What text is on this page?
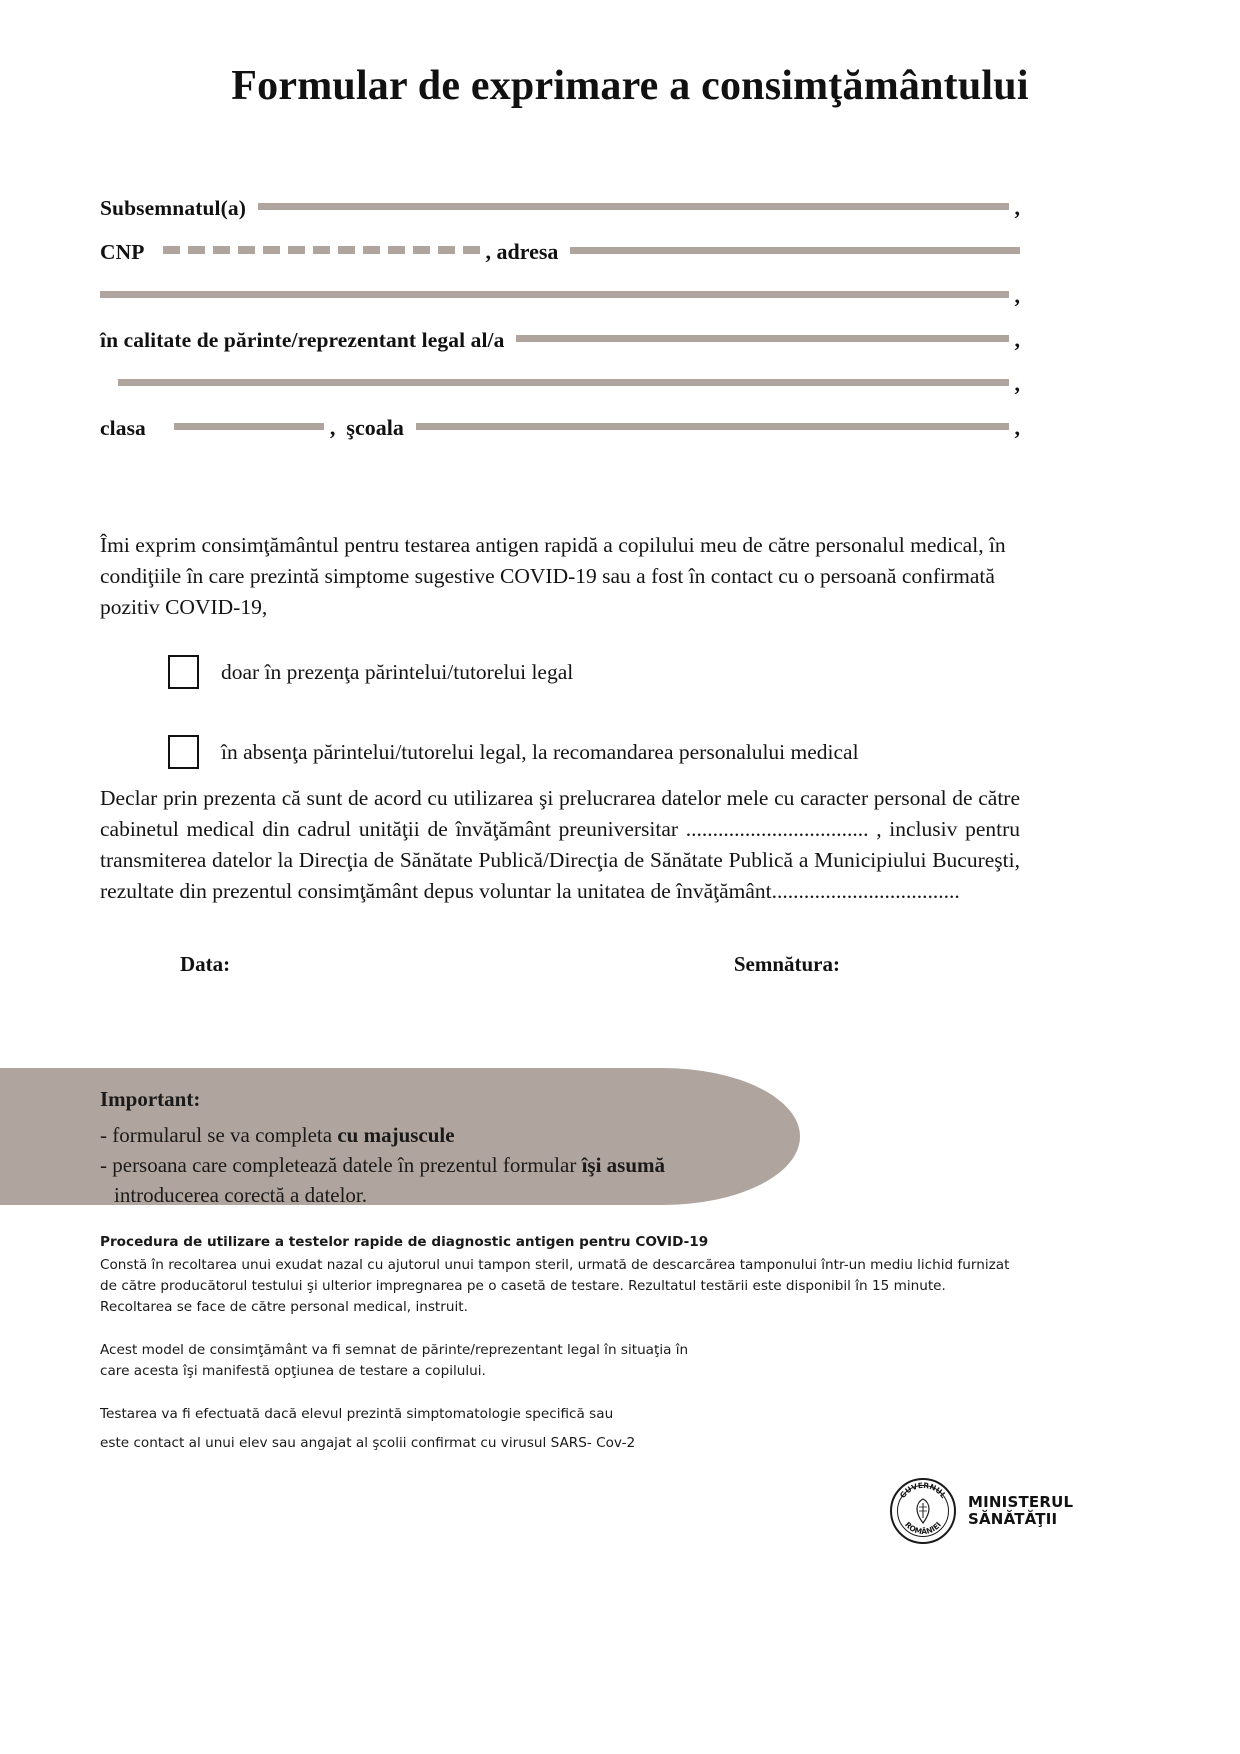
Formular de exprimare a consimţământului
Subsemnatul(a)	,
CNP	, adresa
,
în calitate de părinte/reprezentant legal al/a	,
,
clasa	,  şcoala	,
Îmi exprim consimţământul pentru testarea antigen rapidă a copilului meu de către personalul medical, în condiţiile în care prezintă simptome sugestive COVID-19 sau a fost în contact cu o persoană confirmată pozitiv COVID-19,
doar în prezenţa părintelui/tutorelui legal
în absenţa părintelui/tutorelui legal, la recomandarea personalului medical
Declar prin prezenta că sunt de acord cu utilizarea şi prelucrarea datelor mele cu caracter personal de către cabinetul medical din cadrul unităţii de învăţământ preuniversitar .................................. , inclusiv pentru transmiterea datelor la Direcţia de Sănătate Publică/Direcţia de Sănătate Publică a Municipiului Bucureşti, rezultate din prezentul consimţământ depus voluntar la unitatea de învăţământ...................................
Data:	Semnătura:
Important:
- formularul se va completa cu majuscule
- persoana care completează datele în prezentul formular îşi asumă
introducerea corectă a datelor.
Procedura de utilizare a testelor rapide de diagnostic antigen pentru COVID-19

Constă în recoltarea unui exudat nazal cu ajutorul unui tampon steril, urmată de descarcărea tamponului într-un mediu lichid furnizat

de către producătorul testului şi ulterior impregnarea pe o casetă de testare. Rezultatul testării este disponibil în 15 minute.

Recoltarea se face de către personal medical, instruit.

Acest model de consimţământ va fi semnat de părinte/reprezentant legal în situaţia în

care acesta îşi manifestă opţiunea de testare a copilului.

Testarea va fi efectuată dacă elevul prezintă simptomatologie specifică sau

este contact al unui elev sau angajat al şcolii confirmat cu virusul SARS- Cov-2

GUVERNUL
ROMÂNIEI
MINISTERUL
SĂNĂTĂŢII
